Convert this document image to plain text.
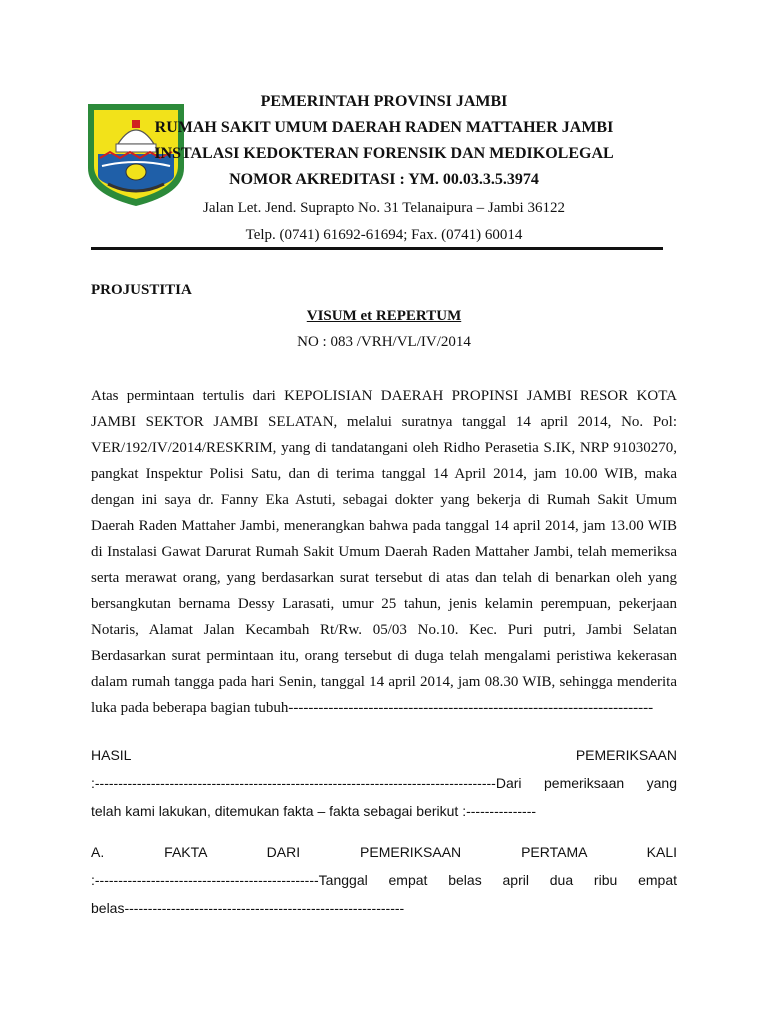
PEMERINTAH PROVINSI JAMBI
RUMAH SAKIT UMUM DAERAH RADEN MATTAHER JAMBI
INSTALASI KEDOKTERAN FORENSIK DAN MEDIKOLEGAL
NOMOR AKREDITASI : YM. 00.03.3.5.3974
Jalan Let. Jend. Suprapto No. 31 Telanaipura – Jambi 36122
Telp. (0741) 61692-61694; Fax. (0741) 60014
PROJUSTITIA
VISUM et REPERTUM
NO : 083 /VRH/VL/IV/2014
Atas permintaan tertulis dari KEPOLISIAN DAERAH PROPINSI JAMBI RESOR KOTA
JAMBI SEKTOR JAMBI SELATAN, melalui suratnya tanggal 14 april 2014, No. Pol:
VER/192/IV/2014/RESKRIM, yang di tandatangani oleh Ridho Perasetia S.IK, NRP 91030270,
pangkat Inspektur Polisi Satu, dan di terima tanggal 14 April 2014, jam 10.00 WIB, maka
dengan ini saya dr. Fanny Eka Astuti, sebagai dokter yang bekerja di Rumah Sakit Umum
Daerah Raden Mattaher Jambi, menerangkan bahwa pada tanggal 14 april 2014, jam 13.00 WIB
di Instalasi Gawat Darurat Rumah Sakit Umum Daerah Raden Mattaher Jambi, telah memeriksa
serta merawat orang, yang berdasarkan surat tersebut di atas dan telah di benarkan oleh yang
bersangkutan bernama Dessy Larasati, umur 25 tahun, jenis kelamin perempuan, pekerjaan
Notaris, Alamat Jalan Kecambah Rt/Rw. 05/03 No.10. Kec. Puri putri, Jambi Selatan
Berdasarkan surat permintaan itu, orang tersebut di duga telah mengalami peristiwa kekerasan
dalam rumah tangga pada hari Senin, tanggal 14 april 2014, jam 08.30 WIB, sehingga menderita
luka pada beberapa bagian tubuh-------------------------------------------------------------------------
HASIL PEMERIKSAAN
:--------------------------------------------------------------------------------------Dari pemeriksaan yang
telah kami lakukan, ditemukan fakta – fakta sebagai berikut :---------------
A. FAKTA DARI PEMERIKSAAN PERTAMA KALI
:------------------------------------------------Tanggal empat belas april dua ribu empat
belas------------------------------------------------------------
